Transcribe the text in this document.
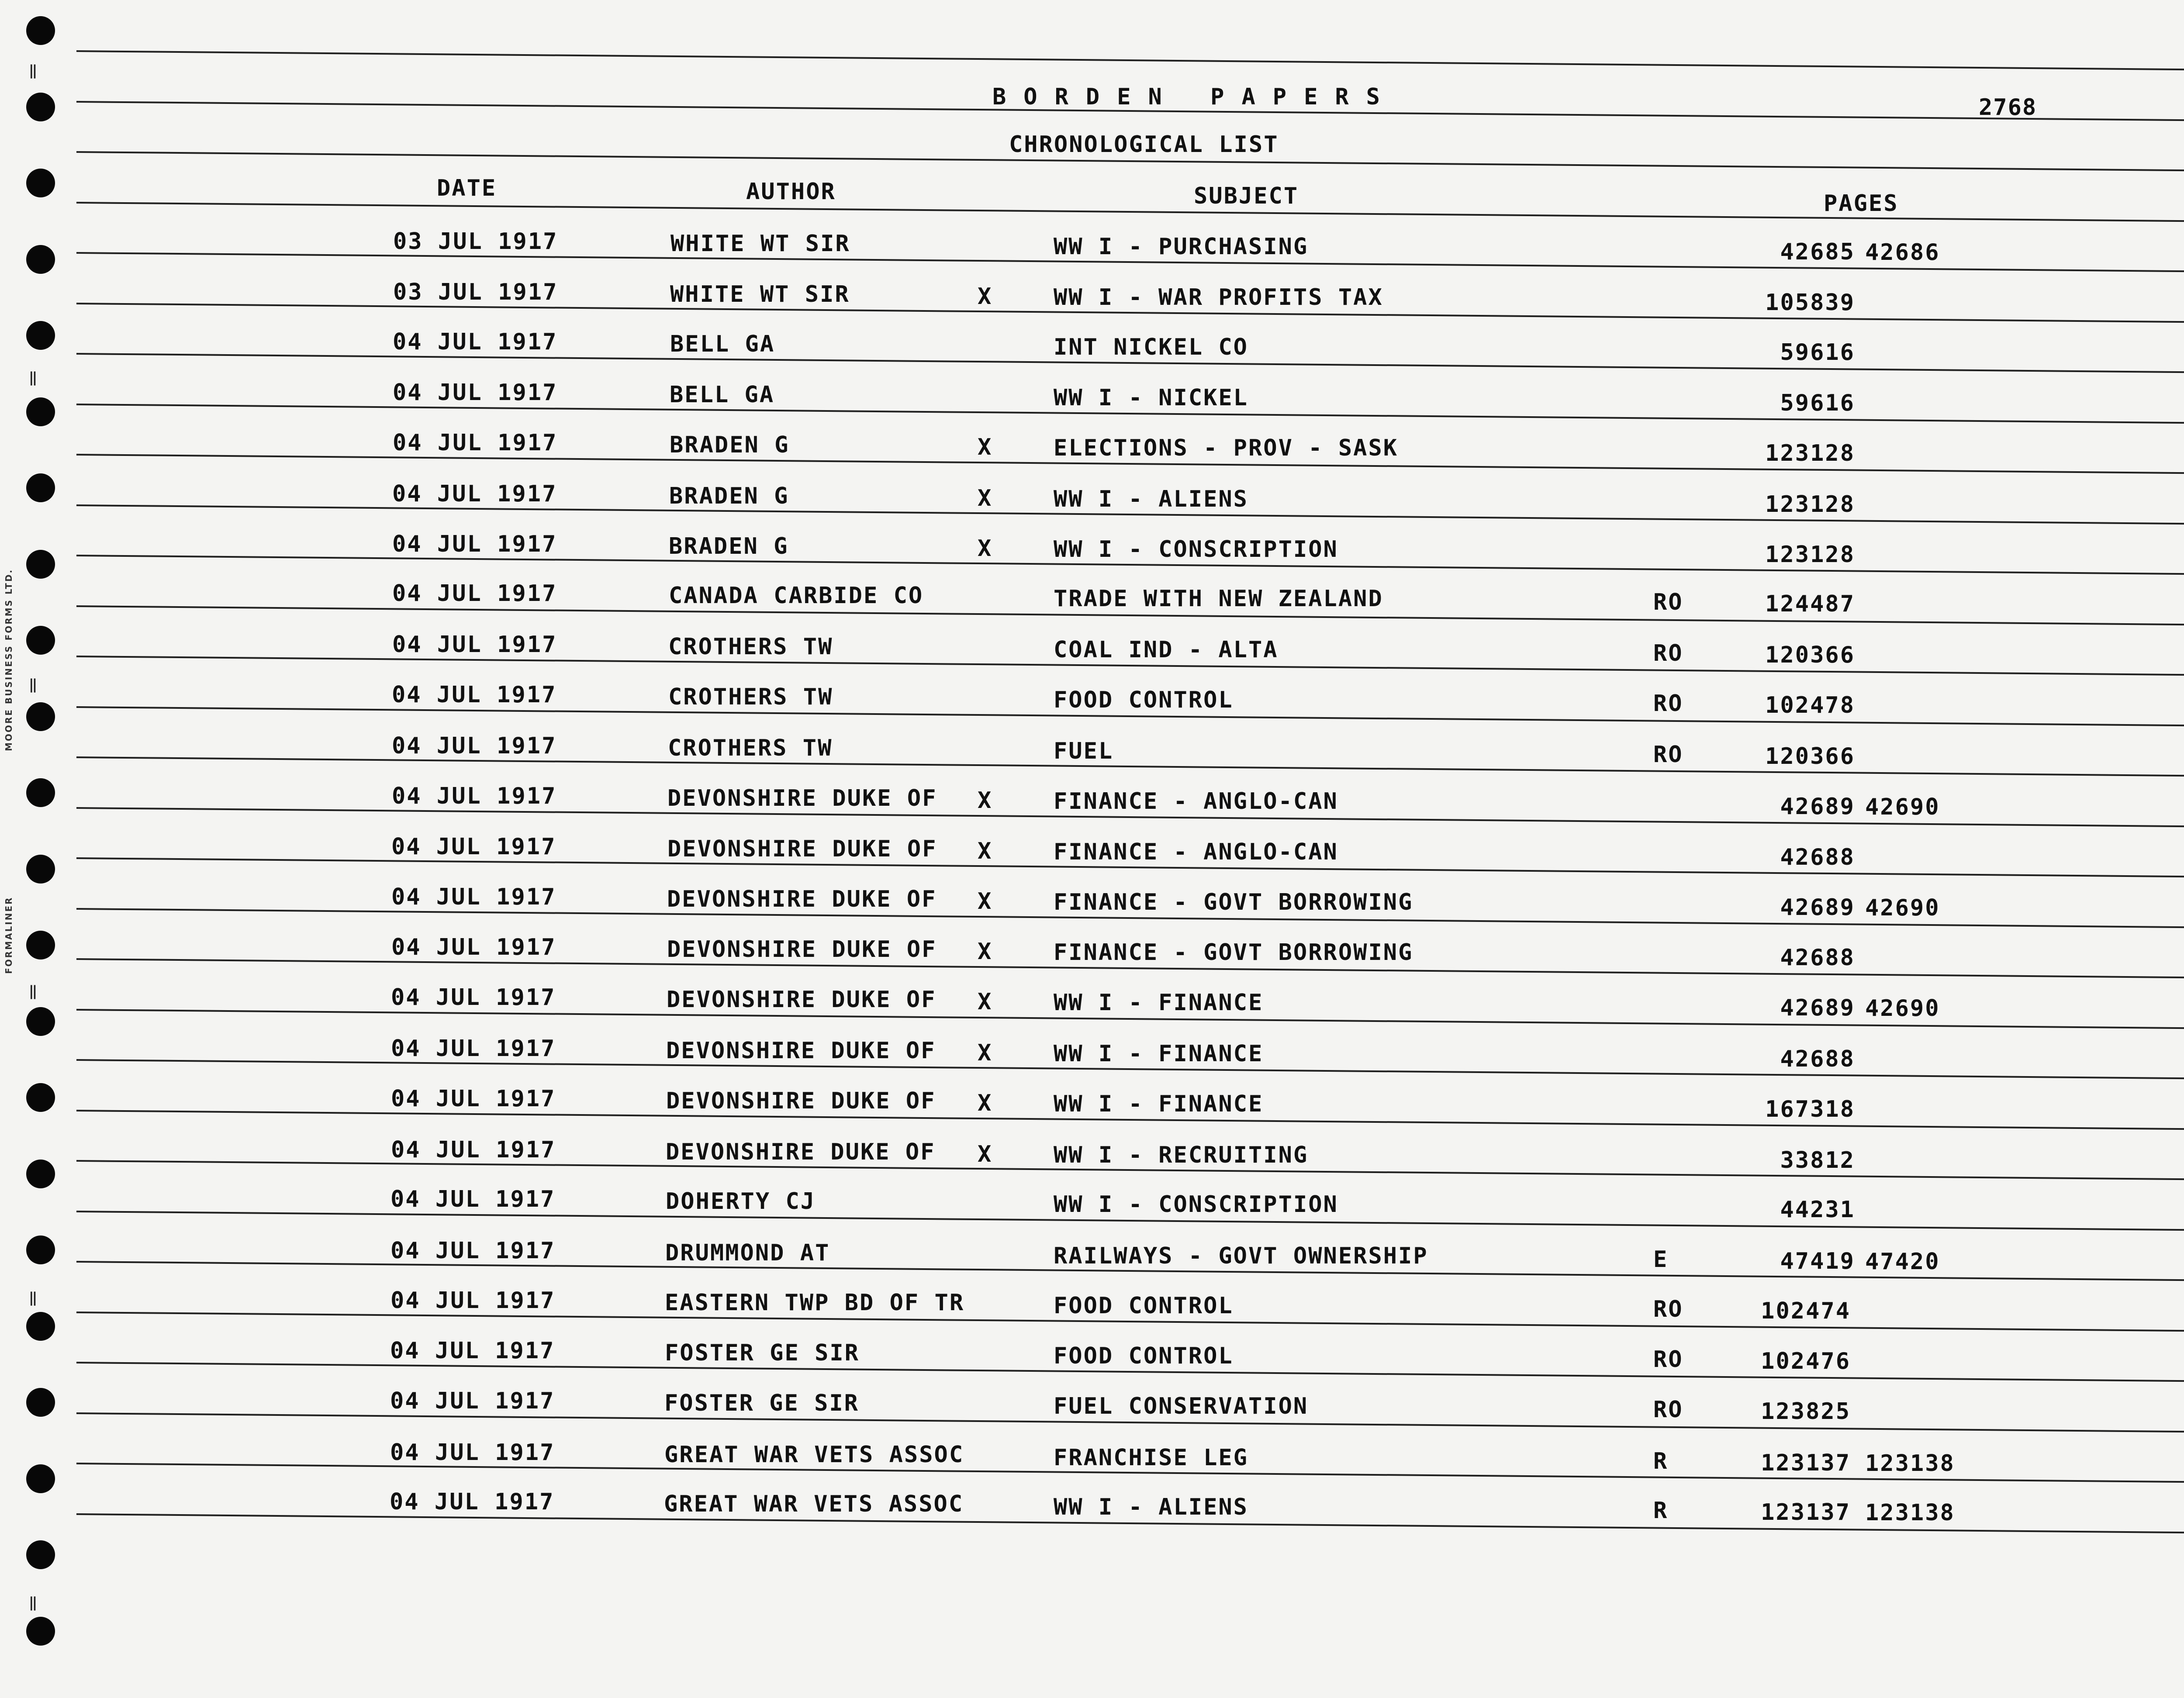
‖
‖
‖
‖
‖
‖
MOORE BUSINESS FORMS LTD.
FORMALINER
BORDEN PAPERS	2768
CHRONOLOGICAL LIST
DATE	AUTHOR	SUBJECT	PAGES
03 JUL 1917	WHITE WT SIR	WW I - PURCHASING	42685 42686
03 JUL 1917	WHITE WT SIR	X	WW I - WAR PROFITS TAX	105839
04 JUL 1917	BELL GA	INT NICKEL CO	59616
04 JUL 1917	BELL GA	WW I - NICKEL	59616
04 JUL 1917	BRADEN G	X	ELECTIONS - PROV - SASK	123128
04 JUL 1917	BRADEN G	X	WW I - ALIENS	123128
04 JUL 1917	BRADEN G	X	WW I - CONSCRIPTION	123128
04 JUL 1917	CANADA CARBIDE CO	TRADE WITH NEW ZEALAND	RO	124487
04 JUL 1917	CROTHERS TW	COAL IND - ALTA	RO	120366
04 JUL 1917	CROTHERS TW	FOOD CONTROL	RO	102478
04 JUL 1917	CROTHERS TW	FUEL	RO	120366
04 JUL 1917	DEVONSHIRE DUKE OF X	FINANCE - ANGLO-CAN	42689 42690
04 JUL 1917	DEVONSHIRE DUKE OF X	FINANCE - ANGLO-CAN	42688
04 JUL 1917	DEVONSHIRE DUKE OF X	FINANCE - GOVT BORROWING	42689 42690
04 JUL 1917	DEVONSHIRE DUKE OF X	FINANCE - GOVT BORROWING	42688
04 JUL 1917	DEVONSHIRE DUKE OF X	WW I - FINANCE	42689 42690
04 JUL 1917	DEVONSHIRE DUKE OF X	WW I - FINANCE	42688
04 JUL 1917	DEVONSHIRE DUKE OF X	WW I - FINANCE	167318
04 JUL 1917	DEVONSHIRE DUKE OF X	WW I - RECRUITING	33812
04 JUL 1917	DOHERTY CJ	WW I - CONSCRIPTION	44231
04 JUL 1917	DRUMMOND AT	RAILWAYS - GOVT OWNERSHIP	E	47419 47420
04 JUL 1917	EASTERN TWP BD OF TR	FOOD CONTROL	RO	102474
04 JUL 1917	FOSTER GE SIR	FOOD CONTROL	RO	102476
04 JUL 1917	FOSTER GE SIR	FUEL CONSERVATION	RO	123825
04 JUL 1917	GREAT WAR VETS ASSOC	FRANCHISE LEG	R	123137 123138
04 JUL 1917	GREAT WAR VETS ASSOC	WW I - ALIENS	R	123137 123138
